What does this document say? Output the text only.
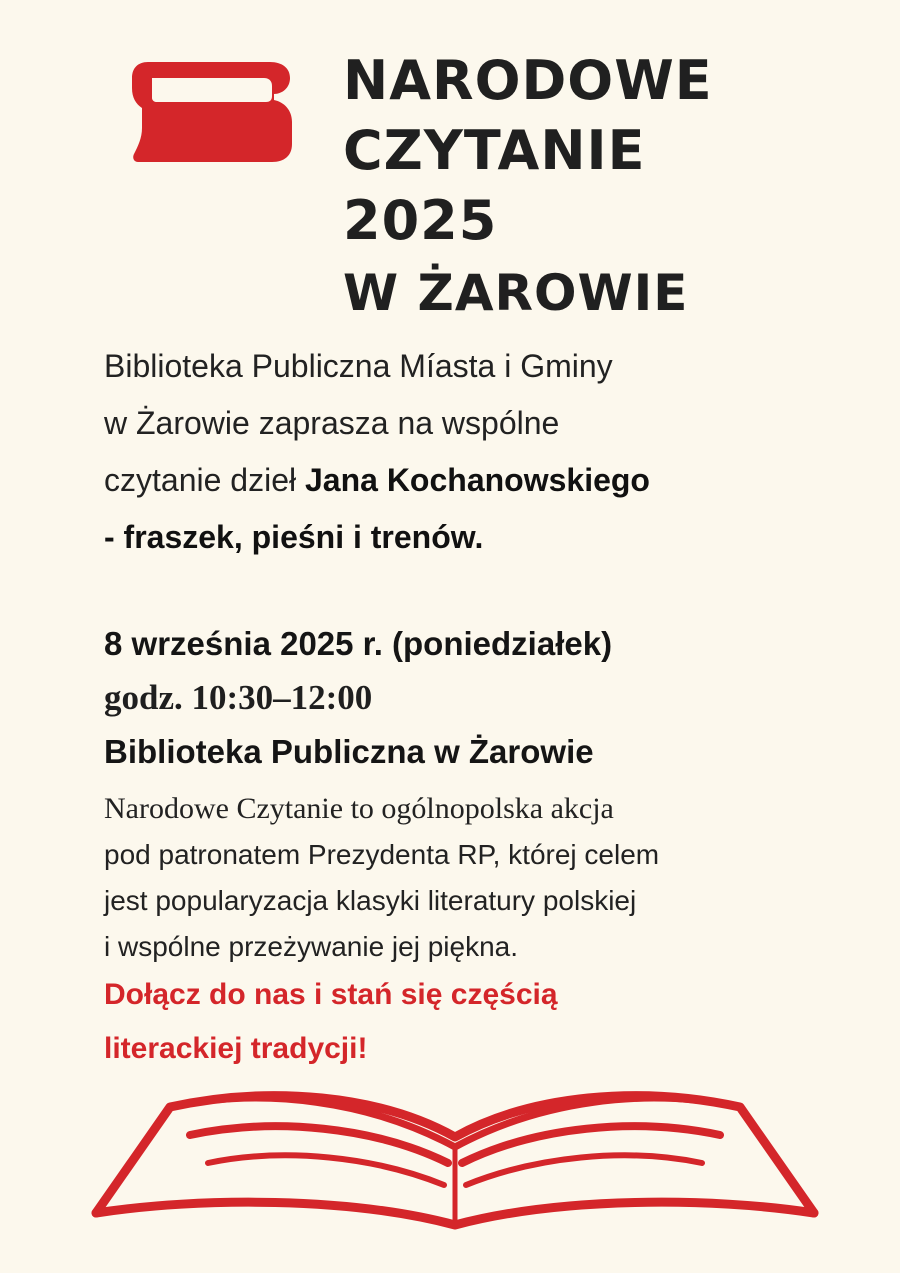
NARODOWE
CZYTANIE
2025
W ŻAROWIE

Biblioteka Publiczna Míasta i Gminy
w Żarowie zaprasza na wspólne
czytanie dzieł Jana Kochanowskiego
- fraszek, pieśni i trenów.

8 września 2025 r. (poniedziałek)

godz. 10:30–12:00

Biblioteka Publiczna w Żarowie

Narodowe Czytanie to ogólnopolska akcja
pod patronatem Prezydenta RP, której celem
jest popularyzacja klasyki literatury polskiej
i wspólne przeżywanie jej piękna.

Dołącz do nas i stań się częścią
literackiej tradycji!
